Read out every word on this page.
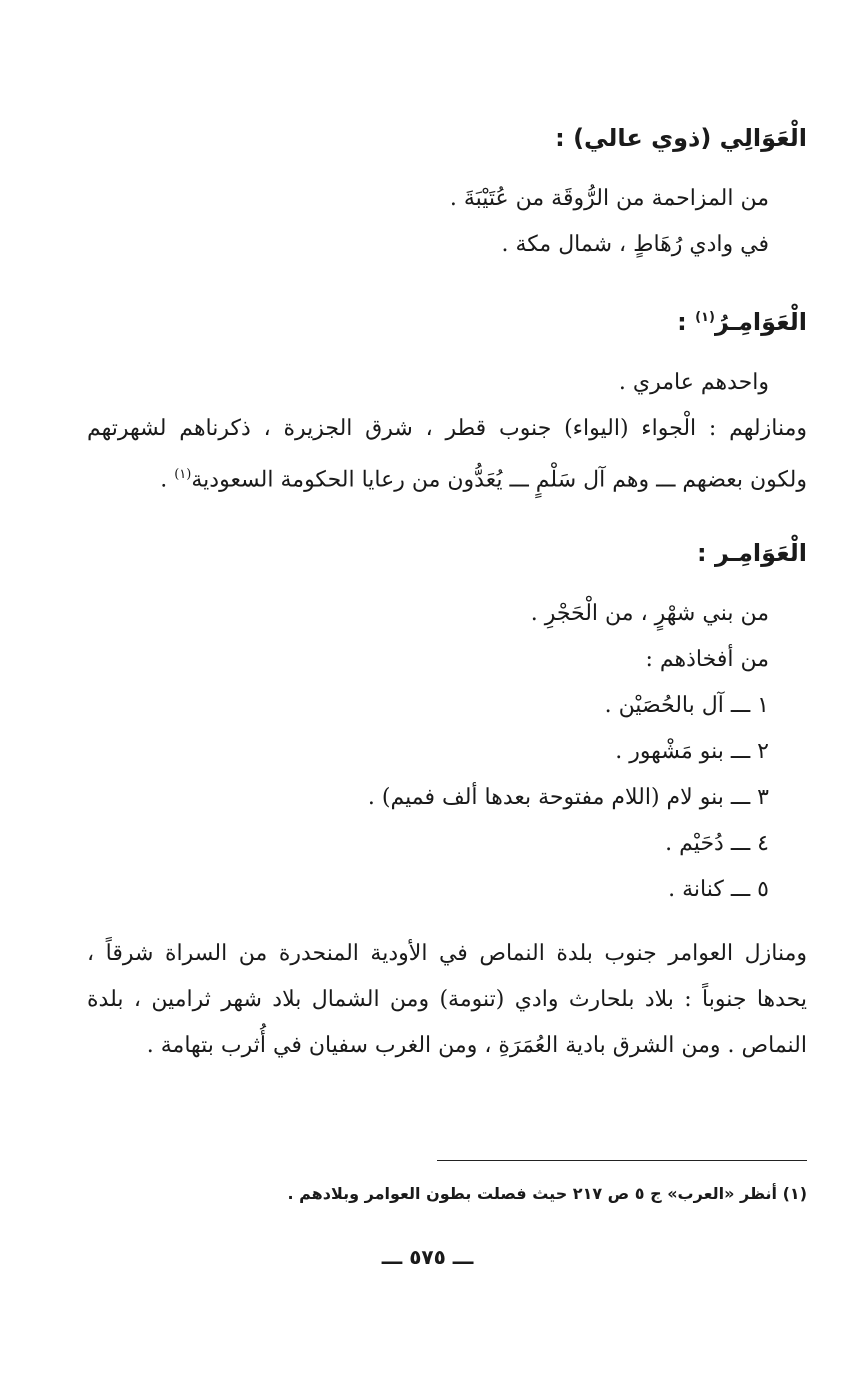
الْعَوَالِي (ذوي عالي) :

من المزاحمة من الرُّوقَة من عُتَيْبَةَ .

في وادي رُهَاطٍ ، شمال مكة .

الْعَوَامِـرُ$^{(١)}$ :

واحدهم عامري .

ومنازلهم : الْجواء (اليواء) جنوب قطر ، شرق الجزيرة ، ذكرناهم لشهرتهم ولكون بعضهم ـــ وهم آل سَلْمٍ ـــ يُعَدُّون من رعايا الحكومة السعودية$^{(١)}$ .

الْعَوَامِـر :

من بني شهْرٍ ، من الْحَجْرِ .

من أفخاذهم :

١ ـــ آل بالحُصَيْن .

٢ ـــ بنو مَشْهور .

٣ ـــ بنو لام (اللام مفتوحة بعدها ألف فميم) .

٤ ـــ دُحَيْم .

٥ ـــ كنانة .

ومنازل العوامر جنوب بلدة النماص في الأودية المنحدرة من السراة شرقاً ، يحدها جنوباً : بلاد بلحارث وادي (تنومة) ومن الشمال بلاد شهر ثرامين ، بلدة النماص . ومن الشرق بادية العُمَرَةِ ، ومن الغرب سفيان في أُثرب بتهامة .

(١) أنظر «العرب» ج ٥ ص ٢١٧ حيث فصلت بطون العوامر وبلادهم .
ـــ ٥٧٥ ـــ
